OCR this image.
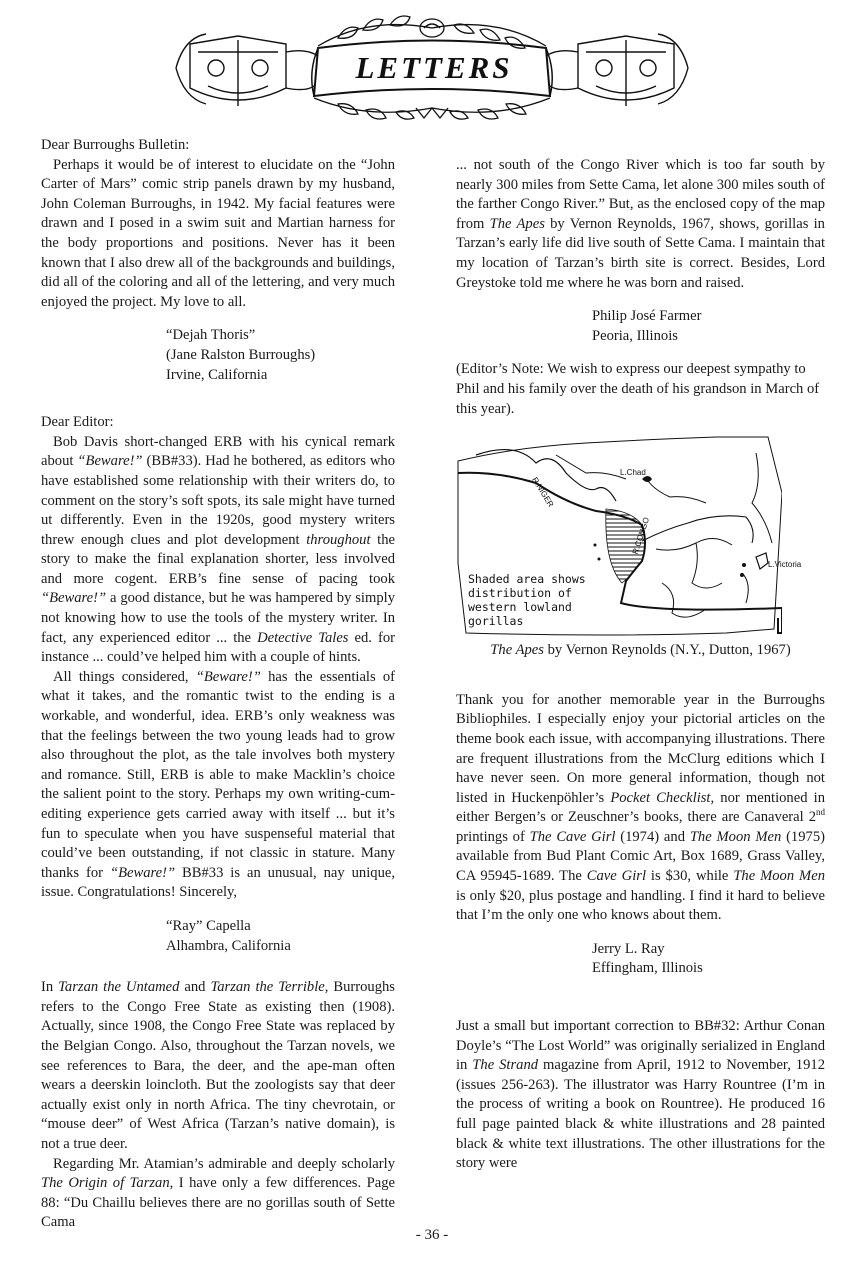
LETTERS

Dear Burroughs Bulletin:

Perhaps it would be of interest to elucidate on the “John Carter of Mars” comic strip panels drawn by my husband, John Coleman Burroughs, in 1942. My facial features were drawn and I posed in a swim suit and Martian harness for the body proportions and positions. Never has it been known that I also drew all of the backgrounds and buildings, did all of the coloring and all of the lettering, and very much enjoyed the project. My love to all.

“Dejah Thoris”

(Jane Ralston Burroughs)

Irvine, California

Dear Editor:

Bob Davis short-changed ERB with his cynical remark about “Beware!” (BB#33). Had he bothered, as editors who have established some relationship with their writers do, to comment on the story’s soft spots, its sale might have turned ut differently. Even in the 1920s, good mystery writers threw enough clues and plot development throughout the story to make the final explanation shorter, less involved and more cogent. ERB’s fine sense of pacing took “Beware!” a good distance, but he was hampered by simply not knowing how to use the tools of the mystery writer. In fact, any experienced editor ... the Detective Tales ed. for instance ... could’ve helped him with a couple of hints.

All things considered, “Beware!” has the essentials of what it takes, and the romantic twist to the ending is a workable, and wonderful, idea. ERB’s only weakness was that the feelings between the two young leads had to grow also throughout the plot, as the tale involves both mystery and romance. Still, ERB is able to make Macklin’s choice the salient point to the story. Perhaps my own writing-cum-editing experience gets carried away with itself ... but it’s fun to speculate when you have suspenseful material that could’ve been outstanding, if not classic in stature. Many thanks for “Beware!” BB#33 is an unusual, nay unique, issue. Congratulations! Sincerely,

“Ray” Capella

Alhambra, California

In Tarzan the Untamed and Tarzan the Terrible, Burroughs refers to the Congo Free State as existing then (1908). Actually, since 1908, the Congo Free State was replaced by the Belgian Congo. Also, throughout the Tarzan novels, we see references to Bara, the deer, and the ape-man often wears a deerskin loincloth. But the zoologists say that deer actually exist only in north Africa. The tiny chevrotain, or “mouse deer” of West Africa (Tarzan’s native domain), is not a true deer.

Regarding Mr. Atamian’s admirable and deeply scholarly The Origin of Tarzan, I have only a few differences. Page 88: “Du Chaillu believes there are no gorillas south of Sette Cama

... not south of the Congo River which is too far south by nearly 300 miles from Sette Cama, let alone 300 miles south of the farther Congo River.” But, as the enclosed copy of the map from The Apes by Vernon Reynolds, 1967, shows, gorillas in Tarzan’s early life did live south of Sette Cama. I maintain that my location of Tarzan’s birth site is correct. Besides, Lord Greystoke told me where he was born and raised.

Philip José Farmer

Peoria, Illinois

(Editor’s Note: We wish to express our deepest sympathy to Phil and his family over the death of his grandson in March of this year).

L.Chad
R.NIGER
R.CONGO
L.Victoria
Shaded area shows
distribution of
western lowland
gorillas

The Apes by Vernon Reynolds (N.Y., Dutton, 1967)

Thank you for another memorable year in the Burroughs Bibliophiles. I especially enjoy your pictorial articles on the theme book each issue, with accompanying illustrations. There are frequent illustrations from the McClurg editions which I have never seen. On more general information, though not listed in Huckenpöhler’s Pocket Checklist, nor mentioned in either Bergen’s or Zeuschner’s books, there are Canaveral 2nd printings of The Cave Girl (1974) and The Moon Men (1975) available from Bud Plant Comic Art, Box 1689, Grass Valley, CA 95945-1689. The Cave Girl is $30, while The Moon Men is only $20, plus postage and handling. I find it hard to believe that I’m the only one who knows about them.

Jerry L. Ray

Effingham, Illinois

Just a small but important correction to BB#32: Arthur Conan Doyle’s “The Lost World” was originally serialized in England in The Strand magazine from April, 1912 to November, 1912 (issues 256-263). The illustrator was Harry Rountree (I’m in the process of writing a book on Rountree). He produced 16 full page painted black & white illustrations and 28 painted black & white text illustrations. The other illustrations for the story were

- 36 -
